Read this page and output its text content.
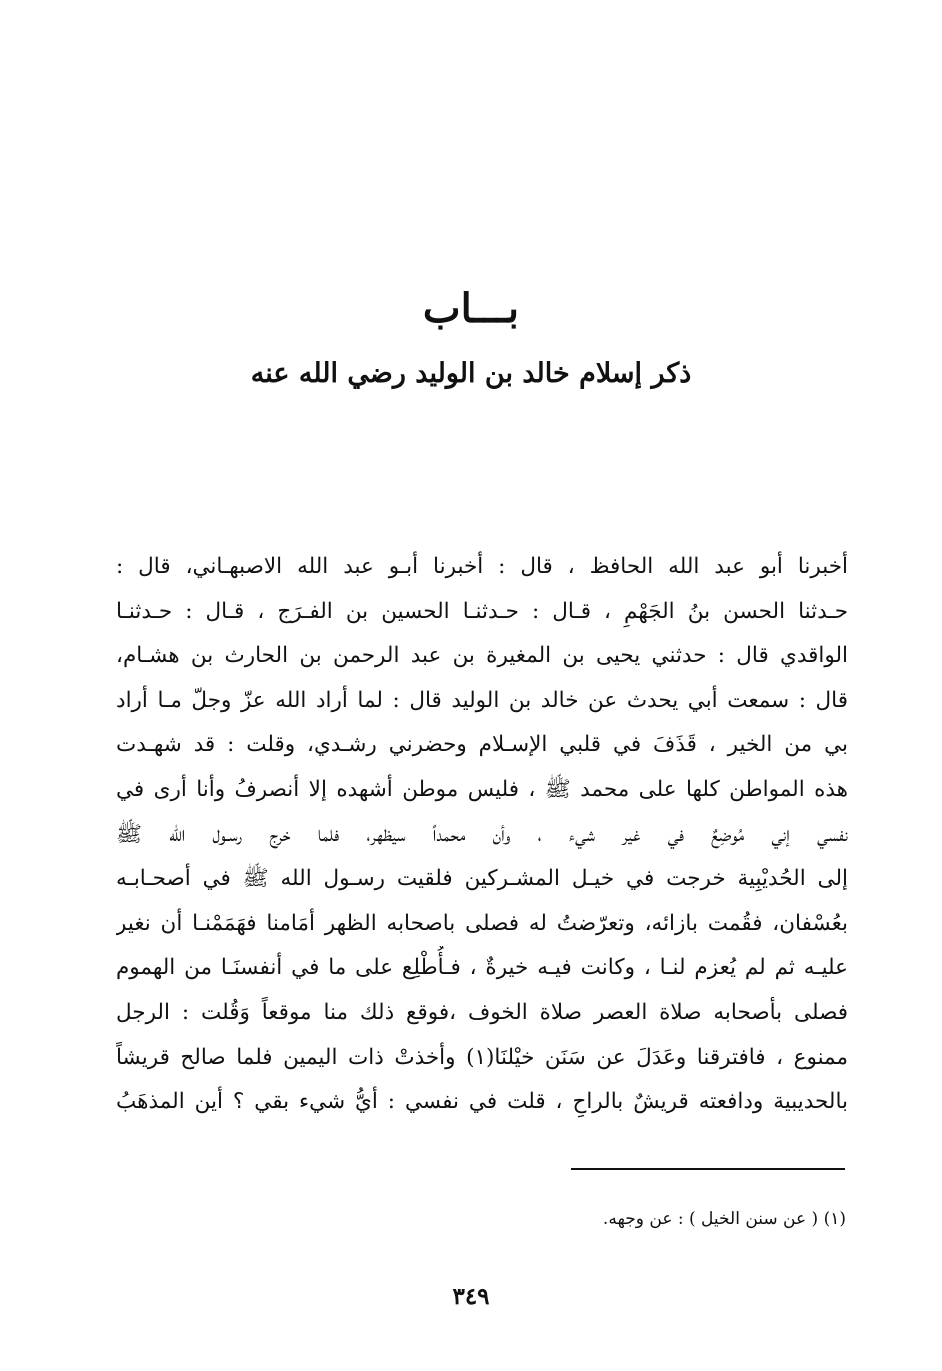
بـــاب
ذكر إسلام خالد بن الوليد رضي الله عنه
أخبرنا أبو عبد الله الحافظ ، قال : أخبرنا أبـو عبد الله الاصبهـاني، قال :
حـدثنا الحسن بنُ الجَهْمِ ، قـال : حـدثنـا الحسين بن الفـرَج ، قـال : حـدثنـا
الواقدي قال : حدثني يحيى بن المغيرة بن عبد الرحمن بن الحارث بن هشـام،
قال : سمعت أبي يحدث عن خالد بن الوليد قال : لما أراد الله عزّ وجلّ مـا أراد
بي من الخير ، قَذَفَ في قلبي الإسـلام وحضرني رشـدي، وقلت : قد شهـدت
هذه المواطن كلها على محمد ﷺ ، فليس موطن أشهده إلا أنصرفُ وأنا أرى في
نفسي إني مُوضِعٌ في غير شيء ، وأن محمداً سيظهر، فلما خرج رسـول الله ﷺ
إلى الحُديْبِية خرجت في خيـل المشـركين فلقيت رسـول الله ﷺ في أصحـابـه
بعُسْفان، فقُمت بازائه، وتعرّضتُ له فصلى باصحابه الظهر أمَامنا فهَمَمْنـا أن نغير
عليـه ثم لم يُعزم لنـا ، وكانت فيـه خيرةٌ ، فـأُطْلِع على ما في أنفسنَـا من الهموم
فصلى بأصحابه صلاة العصر صلاة الخوف ،فوقع ذلك منا موقعاً وَقُلت : الرجل
ممنوع ، فافترقنا وعَدَلَ عن سَنَن خيْلنَا(١) وأخذتْ ذات اليمين فلما صالح قريشاً
بالحديبية ودافعته قريشٌ بالراحِ ، قلت في نفسي : أيُّ شيء بقي ؟ أين المذهَبُ
(١) ( عن سنن الخيل ) : عن وجهه.
٣٤٩
